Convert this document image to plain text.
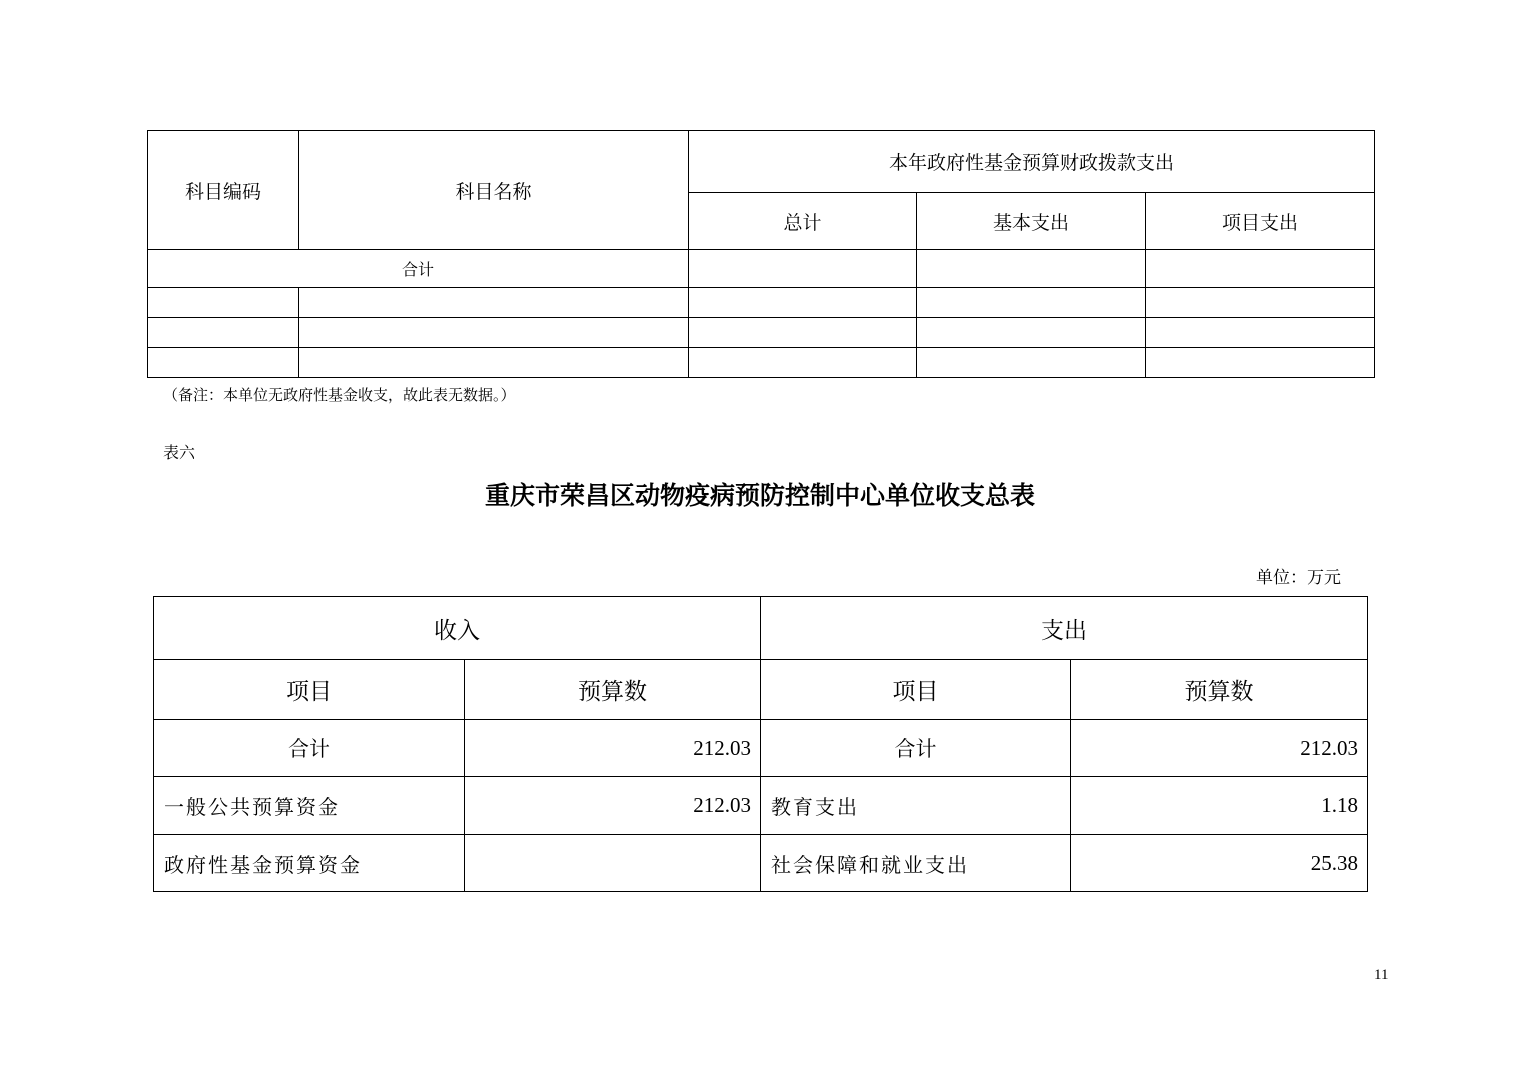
科目编码	科目名称	本年政府性基金预算财政拨款支出		
		总计	基本支出	项目支出
合计				

（备注：本单位无政府性基金收支，故此表无数据。）
表六
重庆市荣昌区动物疫病预防控制中心单位收支总表
单位：万元
收入		支出	
项目	预算数	项目	预算数
合计	212.03	合计	212.03
一般公共预算资金	212.03	教育支出	1.18
政府性基金预算资金		社会保障和就业支出	25.38
11
